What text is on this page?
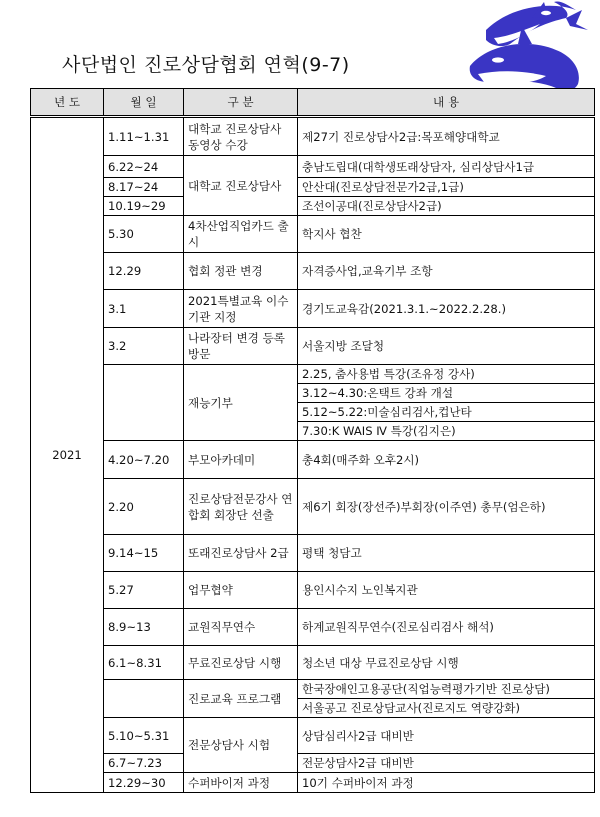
사단법인 진로상담협회 연혁(9-7)
년 도	월 일	구 분	내 용
2021	1.11~1.31	대학교 진로상담사 동영상 수강	제27기 진로상담사2급:목포해양대학교
	6.22~24	대학교 진로상담사	충남도립대(대학생또래상담자, 심리상담사1급
	8.17~24		안산대(진로상담전문가2급,1급)
	10.19~29		조선이공대(진로상담사2급)
	5.30	4차산업직업카드 출시	학지사 협찬
	12.29	협회 정관 변경	자격증사업,교육기부 조항
	3.1	2021특별교육 이수기관 지정	경기도교육감(2021.3.1.~2022.2.28.)
	3.2	나라장터 변경 등록 방문	서울지방 조달청
		재능기부	2.25, 춤사용법 특강(조유정 강사)
			3.12~4.30:온택트 강좌 개설
			5.12~5.22:미술심리검사,컵난타
			7.30:K WAIS Ⅳ 특강(김지은)
	4.20~7.20	부모아카데미	총4회(매주화 오후2시)
	2.20	진로상담전문강사 연합회 회장단 선출	제6기 회장(장선주)부회장(이주연) 총무(엄은하)
	9.14~15	또래진로상담사 2급	평택 청담고
	5.27	업무협약	용인시수지 노인복지관
	8.9~13	교원직무연수	하계교원직무연수(진로심리검사 해석)
	6.1~8.31	무료진로상담 시행	청소년 대상 무료진로상담 시행
		진로교육 프로그램	한국장애인고용공단(직업능력평가기반 진로상담)
			서울공고 진로상담교사(진로지도 역량강화)
	5.10~5.31	전문상담사 시험	상담심리사2급 대비반
	6.7~7.23		전문상담사2급 대비반
	12.29~30	수퍼바이저 과정	10기 수퍼바이저 과정
